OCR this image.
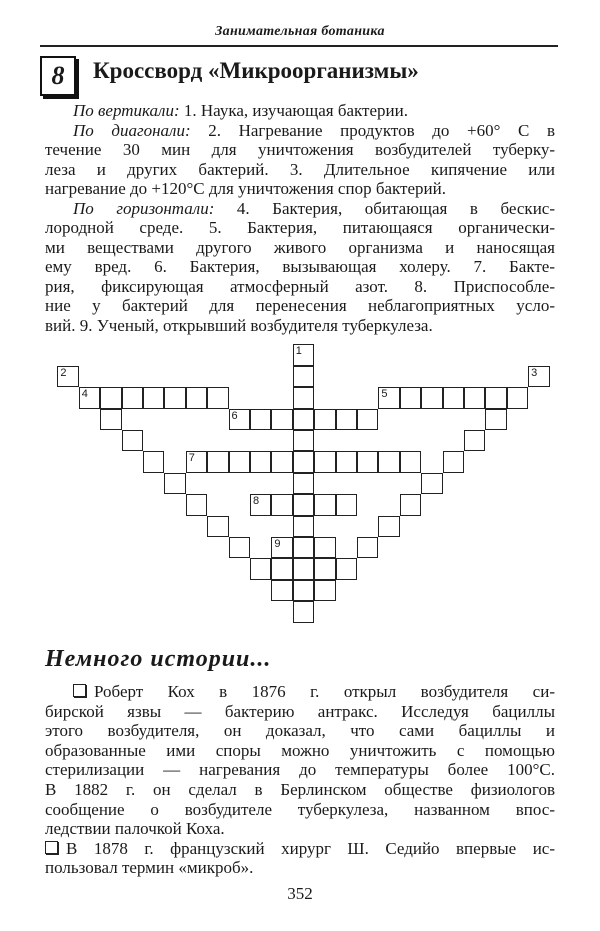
Занимательная ботаника
8	Кроссворд «Микроорганизмы»
По вертикали: 1. Наука, изучающая бактерии.
По диагонали: 2. Нагревание продуктов до +60° С в
течение 30 мин для уничтожения возбудителей туберку-
леза и других бактерий. 3. Длительное кипячение или
нагревание до +120°С для уничтожения спор бактерий.
По горизонтали: 4. Бактерия, обитающая в бескис-
лородной среде. 5. Бактерия, питающаяся органически-
ми веществами другого живого организма и наносящая
ему вред. 6. Бактерия, вызывающая холеру. 7. Бакте-
рия, фиксирующая атмосферный азот. 8. Приспособле-
ние у бактерий для перенесения неблагоприятных усло-
вий. 9. Ученый, открывший возбудителя туберкулеза.
1
2	3
4	5
6
7
8
9
Немного истории...
Роберт Кох в 1876 г. открыл возбудителя си-
бирской язвы — бактерию антракс. Исследуя бациллы
этого возбудителя, он доказал, что сами бациллы и
образованные ими споры можно уничтожить с помощью
стерилизации — нагревания до температуры более 100°С.
В 1882 г. он сделал в Берлинском обществе физиологов
сообщение о возбудителе туберкулеза, названном впос-
ледствии палочкой Коха.
В 1878 г. французский хирург Ш. Седийо впервые ис-
пользовал термин «микроб».
352
